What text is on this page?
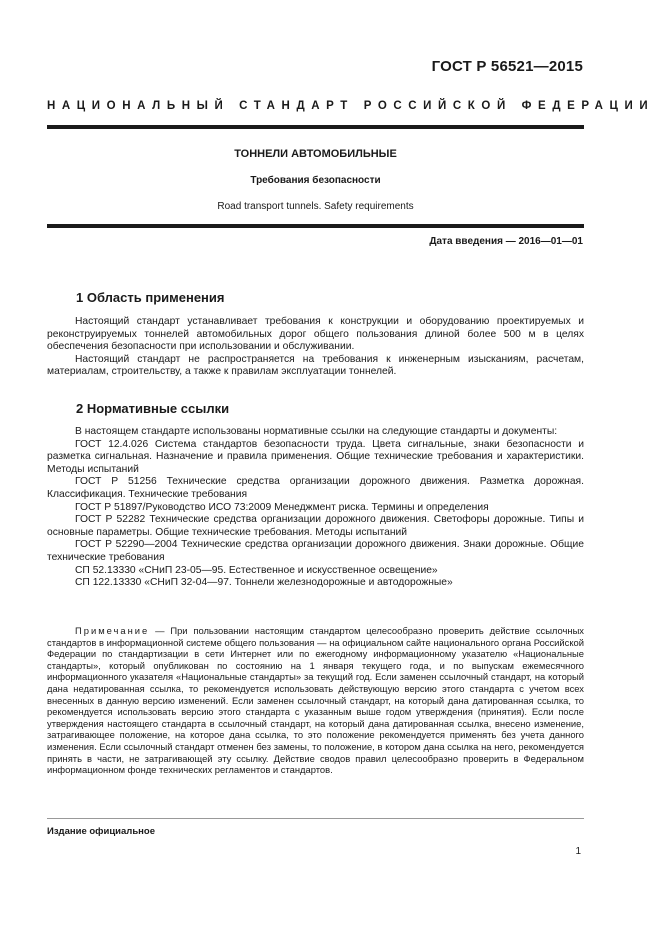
ГОСТ Р 56521—2015
НАЦИОНАЛЬНЫЙ СТАНДАРТ РОССИЙСКОЙ ФЕДЕРАЦИИ
ТОННЕЛИ АВТОМОБИЛЬНЫЕ
Требования безопасности
Road transport tunnels. Safety requirements
Дата введения — 2016—01—01
1 Область применения

Настоящий стандарт устанавливает требования к конструкции и оборудованию проектируемых и реконструируемых тоннелей автомобильных дорог общего пользования длиной более 500 м в целях обеспечения безопасности при использовании и обслуживании.

Настоящий стандарт не распространяется на требования к инженерным изысканиям, расчетам, материалам, строительству, а также к правилам эксплуатации тоннелей.

2 Нормативные ссылки

В настоящем стандарте использованы нормативные ссылки на следующие стандарты и документы:

ГОСТ 12.4.026 Система стандартов безопасности труда. Цвета сигнальные, знаки безопасности и разметка сигнальная. Назначение и правила применения. Общие технические требования и характеристики. Методы испытаний

ГОСТ Р 51256 Технические средства организации дорожного движения. Разметка дорожная. Классификация. Технические требования

ГОСТ Р 51897/Руководство ИСО 73:2009 Менеджмент риска. Термины и определения

ГОСТ Р 52282 Технические средства организации дорожного движения. Светофоры дорожные. Типы и основные параметры. Общие технические требования. Методы испытаний

ГОСТ Р 52290—2004 Технические средства организации дорожного движения. Знаки дорожные. Общие технические требования

СП 52.13330 «СНиП 23-05—95. Естественное и искусственное освещение»

СП 122.13330 «СНиП 32-04—97. Тоннели железнодорожные и автодорожные»

Примечание — При пользовании настоящим стандартом целесообразно проверить действие ссылочных стандартов в информационной системе общего пользования — на официальном сайте национального органа Российской Федерации по стандартизации в сети Интернет или по ежегодному информационному указателю «Национальные стандарты», который опубликован по состоянию на 1 января текущего года, и по выпускам ежемесячного информационного указателя «Национальные стандарты» за текущий год. Если заменен ссылочный стандарт, на который дана недатированная ссылка, то рекомендуется использовать действующую версию этого стандарта с учетом всех внесенных в данную версию изменений. Если заменен ссылочный стандарт, на который дана датированная ссылка, то рекомендуется использовать версию этого стандарта с указанным выше годом утверждения (принятия). Если после утверждения настоящего стандарта в ссылочный стандарт, на который дана датированная ссылка, внесено изменение, затрагивающее положение, на которое дана ссылка, то это положение рекомендуется применять без учета данного изменения. Если ссылочный стандарт отменен без замены, то положение, в котором дана ссылка на него, рекомендуется принять в части, не затрагивающей эту ссылку. Действие сводов правил целесообразно проверить в Федеральном информационном фонде технических регламентов и стандартов.

Издание официальное
1
